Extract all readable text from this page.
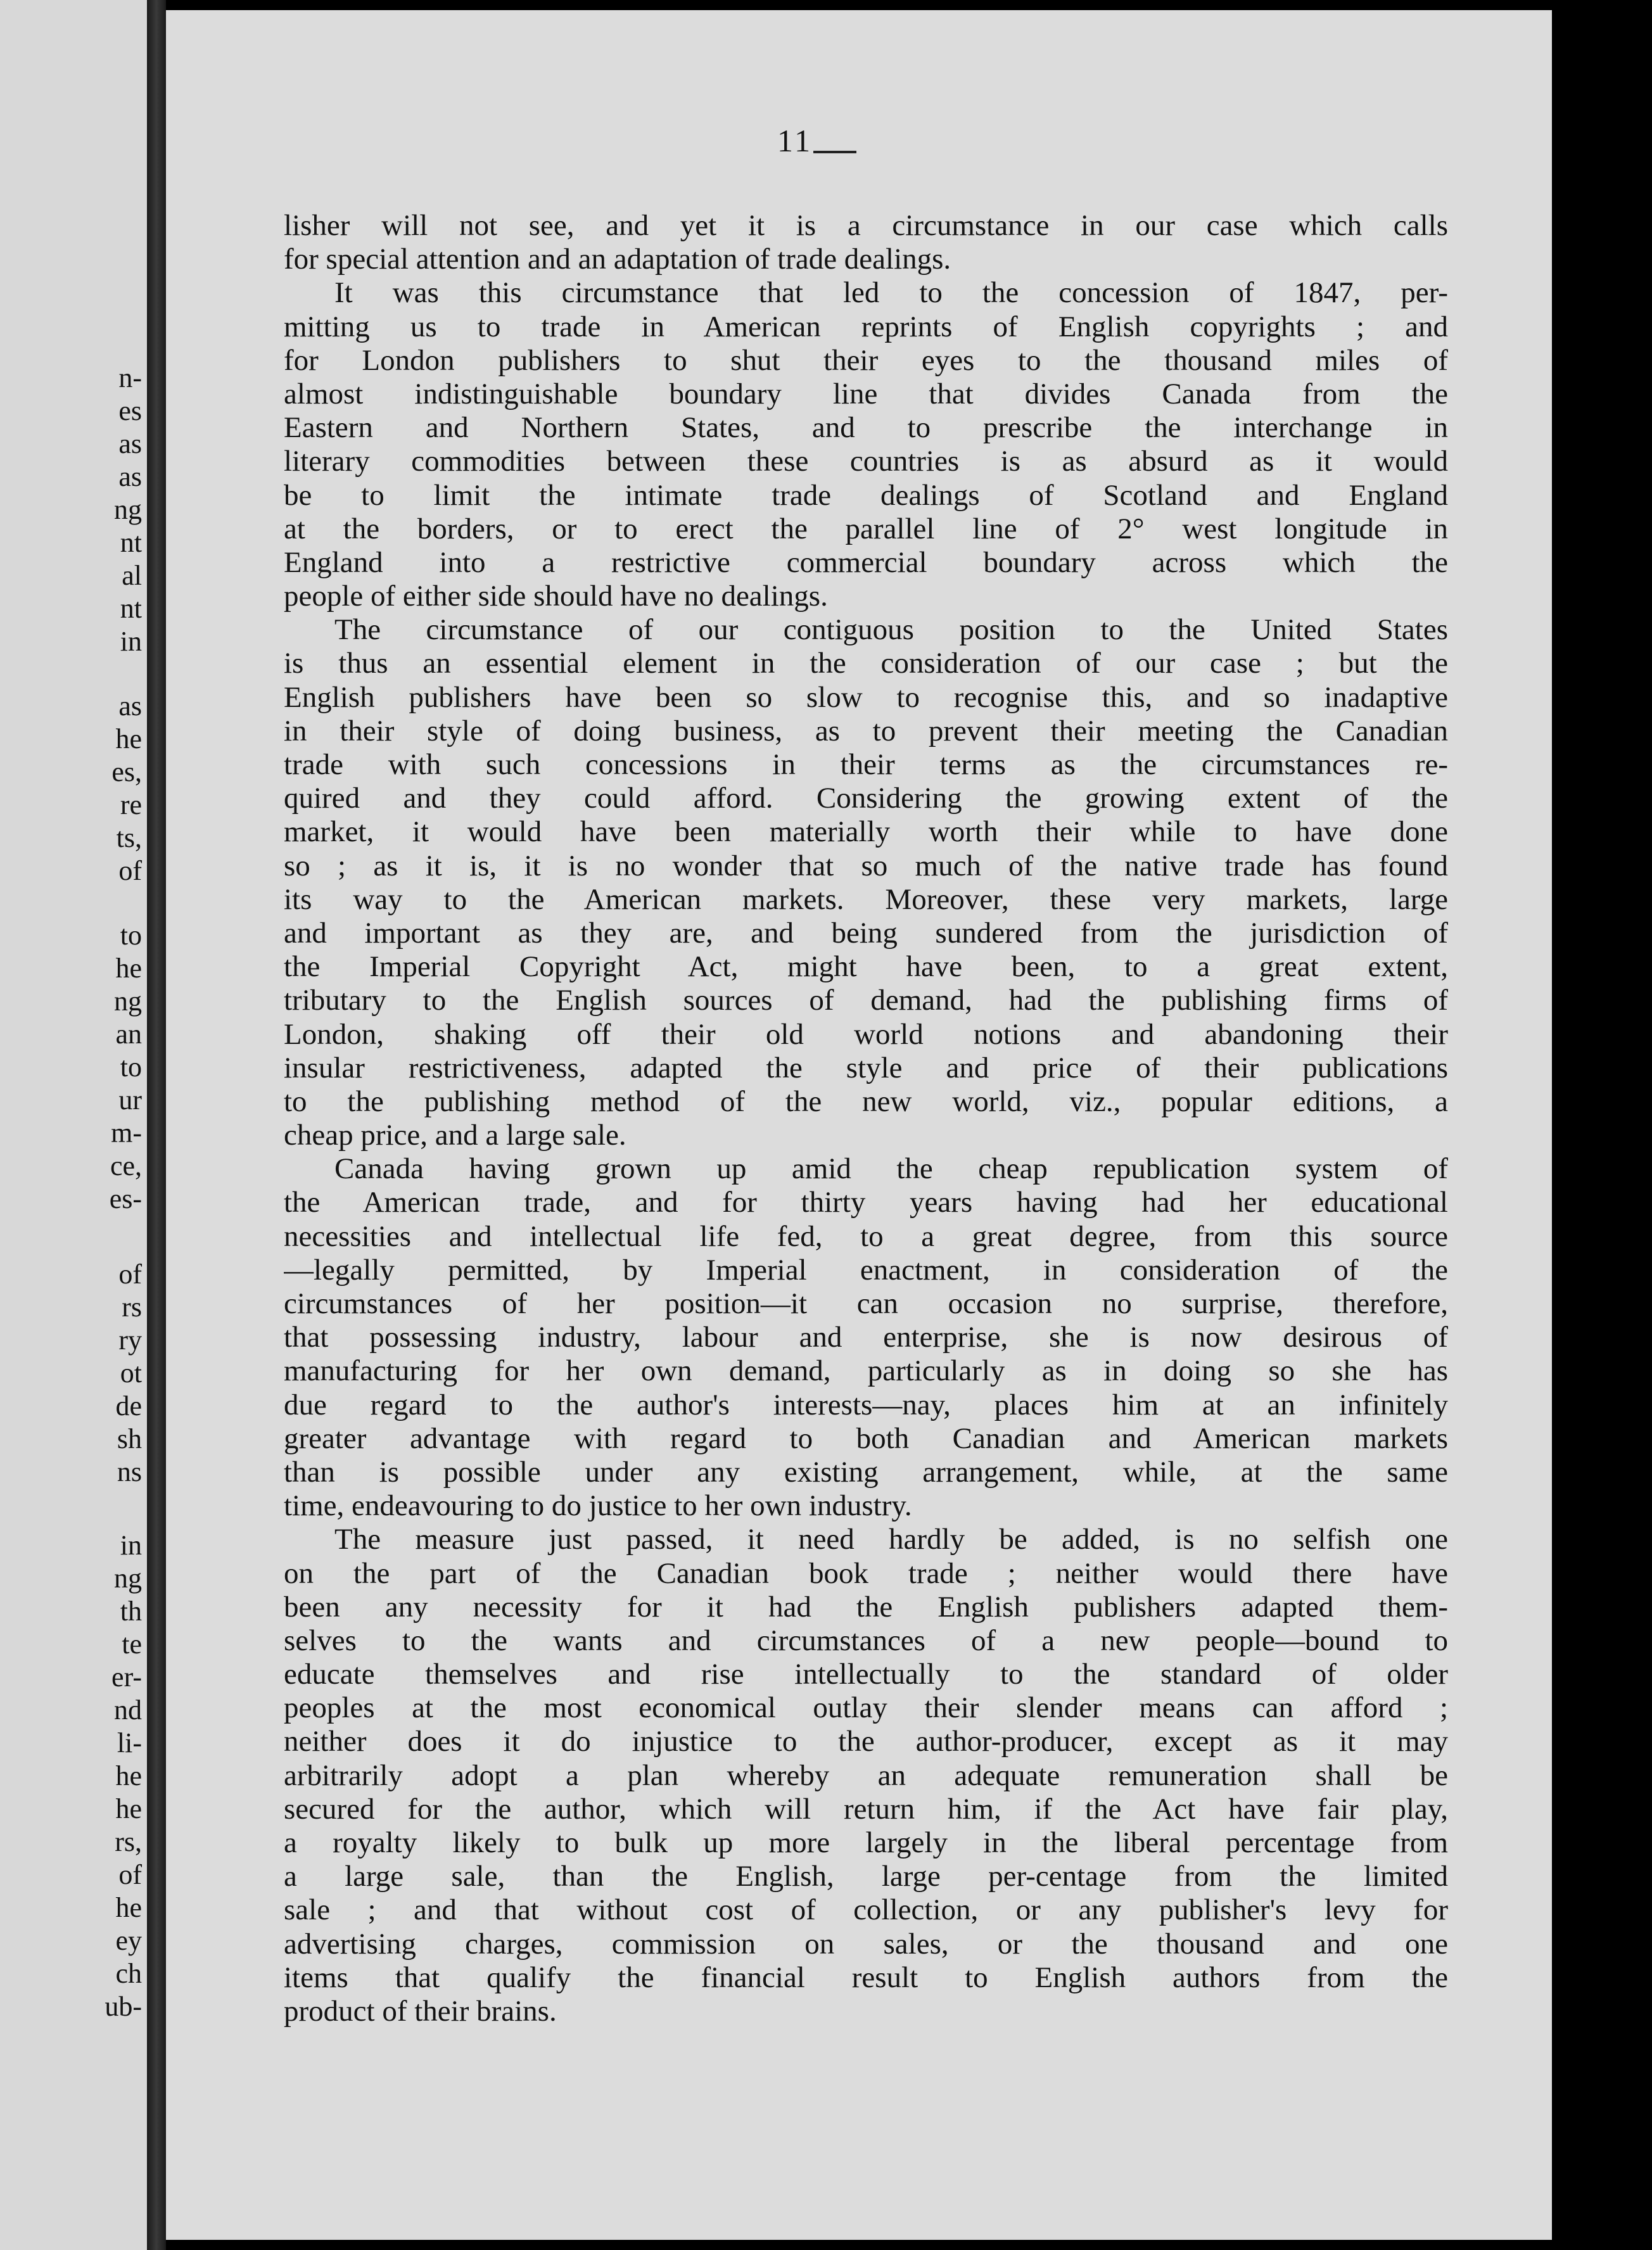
n-
es
as
as
ng
nt
al
nt
in
as
he
es,
re
ts,
of
to
he
ng
an
to
ur
m-
ce,
es-
of
rs
ry
ot
de
sh
ns
in
ng
th
te
er-
nd
li-
he
he
rs,
of
he
ey
ch
ub-
11
lisher will not see, and yet it is a circumstance in our case which calls
for special attention and an adaptation of trade dealings.
It was this circumstance that led to the concession of 1847, per-
mitting us to trade in American reprints of English copyrights ; and
for London publishers to shut their eyes to the thousand miles of
almost indistinguishable boundary line that divides Canada from the
Eastern and Northern States, and to prescribe the interchange in
literary commodities between these countries is as absurd as it would
be to limit the intimate trade dealings of Scotland and England
at the borders, or to erect the parallel line of 2° west longitude in
England into a restrictive commercial boundary across which the
people of either side should have no dealings.
The circumstance of our contiguous position to the United States
is thus an essential element in the consideration of our case ; but the
English publishers have been so slow to recognise this, and so inadaptive
in their style of doing business, as to prevent their meeting the Canadian
trade with such concessions in their terms as the circumstances re-
quired and they could afford. Considering the growing extent of the
market, it would have been materially worth their while to have done
so ; as it is, it is no wonder that so much of the native trade has found
its way to the American markets. Moreover, these very markets, large
and important as they are, and being sundered from the jurisdiction of
the Imperial Copyright Act, might have been, to a great extent,
tributary to the English sources of demand, had the publishing firms of
London, shaking off their old world notions and abandoning their
insular restrictiveness, adapted the style and price of their publications
to the publishing method of the new world, viz., popular editions, a
cheap price, and a large sale.
Canada having grown up amid the cheap republication system of
the American trade, and for thirty years having had her educational
necessities and intellectual life fed, to a great degree, from this source
—legally permitted, by Imperial enactment, in consideration of the
circumstances of her position—it can occasion no surprise, therefore,
that possessing industry, labour and enterprise, she is now desirous of
manufacturing for her own demand, particularly as in doing so she has
due regard to the author's interests—nay, places him at an infinitely
greater advantage with regard to both Canadian and American markets
than is possible under any existing arrangement, while, at the same
time, endeavouring to do justice to her own industry.
The measure just passed, it need hardly be added, is no selfish one
on the part of the Canadian book trade ; neither would there have
been any necessity for it had the English publishers adapted them-
selves to the wants and circumstances of a new people—bound to
educate themselves and rise intellectually to the standard of older
peoples at the most economical outlay their slender means can afford ;
neither does it do injustice to the author-producer, except as it may
arbitrarily adopt a plan whereby an adequate remuneration shall be
secured for the author, which will return him, if the Act have fair play,
a royalty likely to bulk up more largely in the liberal percentage from
a large sale, than the English, large per-centage from the limited
sale ; and that without cost of collection, or any publisher's levy for
advertising charges, commission on sales, or the thousand and one
items that qualify the financial result to English authors from the
product of their brains.
